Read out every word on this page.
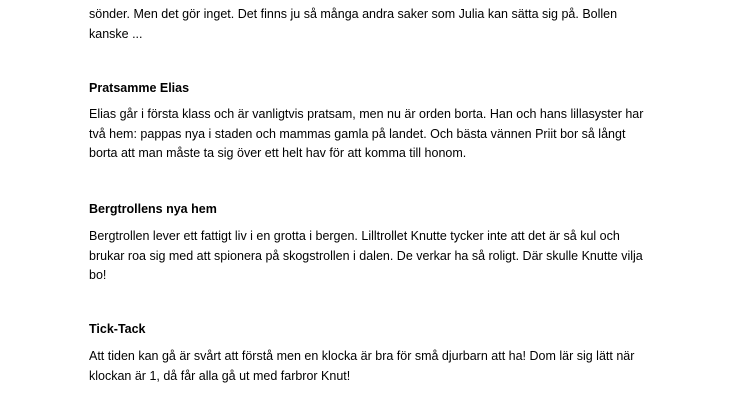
sönder. Men det gör inget. Det finns ju så många andra saker som Julia kan sätta sig på. Bollen
kanske ...

Pratsamme Elias

Elias går i första klass och är vanligtvis pratsam, men nu är orden borta. Han och hans lillasyster har
två hem: pappas nya i staden och mammas gamla på landet. Och bästa vännen Priit bor så långt
borta att man måste ta sig över ett helt hav för att komma till honom.

Bergtrollens nya hem

Bergtrollen lever ett fattigt liv i en grotta i bergen. Lilltrollet Knutte tycker inte att det är så kul och
brukar roa sig med att spionera på skogstrollen i dalen. De verkar ha så roligt. Där skulle Knutte vilja
bo!

Tick-Tack

Att tiden kan gå är svårt att förstå men en klocka är bra för små djurbarn att ha! Dom lär sig lätt när
klockan är 1, då får alla gå ut med farbror Knut!
